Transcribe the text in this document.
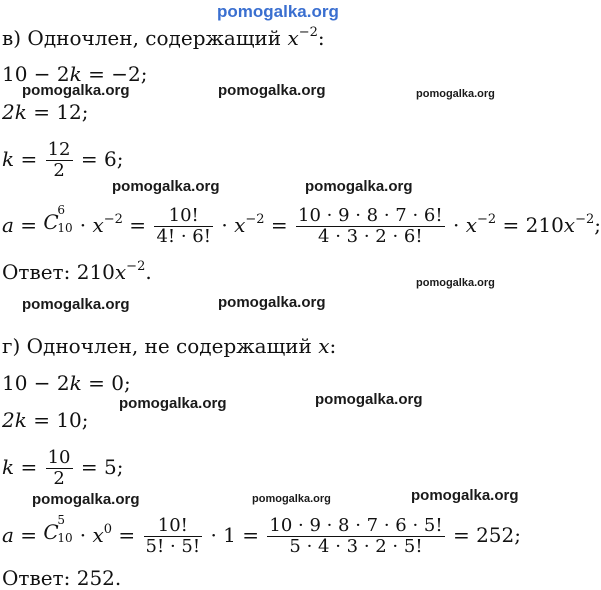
pomogalka.org
pomogalka.org	pomogalka.org	pomogalka.org
pomogalka.org	pomogalka.org
pomogalka.org
pomogalka.org	pomogalka.org
pomogalka.org	pomogalka.org
pomogalka.org	pomogalka.org	pomogalka.org
в) Одночлен, содержащий $x^{-2}$:
10 − 2k = −2;
2k = 12;
$k = \frac{12}{2} = 6$;
a = C
6
$10 \cdot x^{-2} = \frac{10!}{4! \cdot 6!} \cdot x^{-2} = \frac{10 \cdot 9 \cdot 8 \cdot 7 \cdot 6!}{4 \cdot 3 \cdot 2 \cdot 6!} \cdot x^{-2} = 210x^{-2}$;
Ответ: $210x^{-2}$.
г) Одночлен, не содержащий x:
10 − 2k = 0;
2k = 10;
$k = \frac{10}{2} = 5$;
a = C
5
$10 \cdot x^0 = \frac{10!}{5! \cdot 5!} \cdot 1 = \frac{10 \cdot 9 \cdot 8 \cdot 7 \cdot 6 \cdot 5!}{5 \cdot 4 \cdot 3 \cdot 2 \cdot 5!} = 252$;
Ответ: 252.
